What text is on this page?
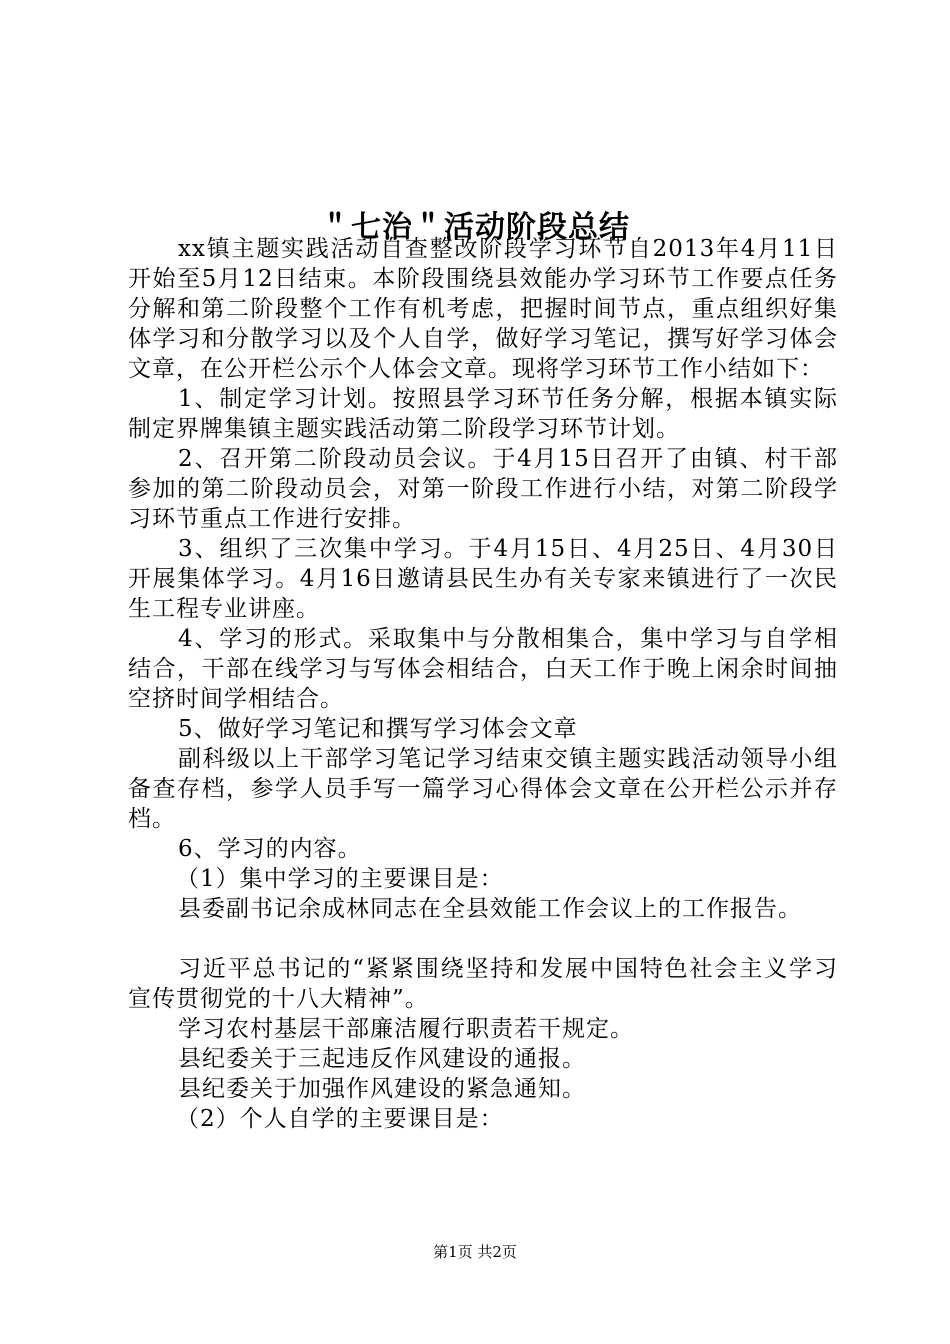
＂七治＂活动阶段总结

xx镇主题实践活动自查整改阶段学习环节自2013年4月11日开始至5月12日结束。本阶段围绕县效能办学习环节工作要点任务分解和第二阶段整个工作有机考虑，把握时间节点，重点组织好集体学习和分散学习以及个人自学，做好学习笔记，撰写好学习体会文章，在公开栏公示个人体会文章。现将学习环节工作小结如下：

1、制定学习计划。按照县学习环节任务分解，根据本镇实际制定界牌集镇主题实践活动第二阶段学习环节计划。

2、召开第二阶段动员会议。于4月15日召开了由镇、村干部参加的第二阶段动员会，对第一阶段工作进行小结，对第二阶段学习环节重点工作进行安排。

3、组织了三次集中学习。于4月15日、4月25日、4月30日开展集体学习。4月16日邀请县民生办有关专家来镇进行了一次民生工程专业讲座。

4、学习的形式。采取集中与分散相集合，集中学习与自学相结合，干部在线学习与写体会相结合，白天工作于晚上闲余时间抽空挤时间学相结合。

5、做好学习笔记和撰写学习体会文章

副科级以上干部学习笔记学习结束交镇主题实践活动领导小组备查存档，参学人员手写一篇学习心得体会文章在公开栏公示并存档。

6、学习的内容。

（1）集中学习的主要课目是：

县委副书记余成林同志在全县效能工作会议上的工作报告。

习近平总书记的“紧紧围绕坚持和发展中国特色社会主义学习宣传贯彻党的十八大精神”。

学习农村基层干部廉洁履行职责若干规定。

县纪委关于三起违反作风建设的通报。

县纪委关于加强作风建设的紧急通知。

（2）个人自学的主要课目是：

第1页 共2页
